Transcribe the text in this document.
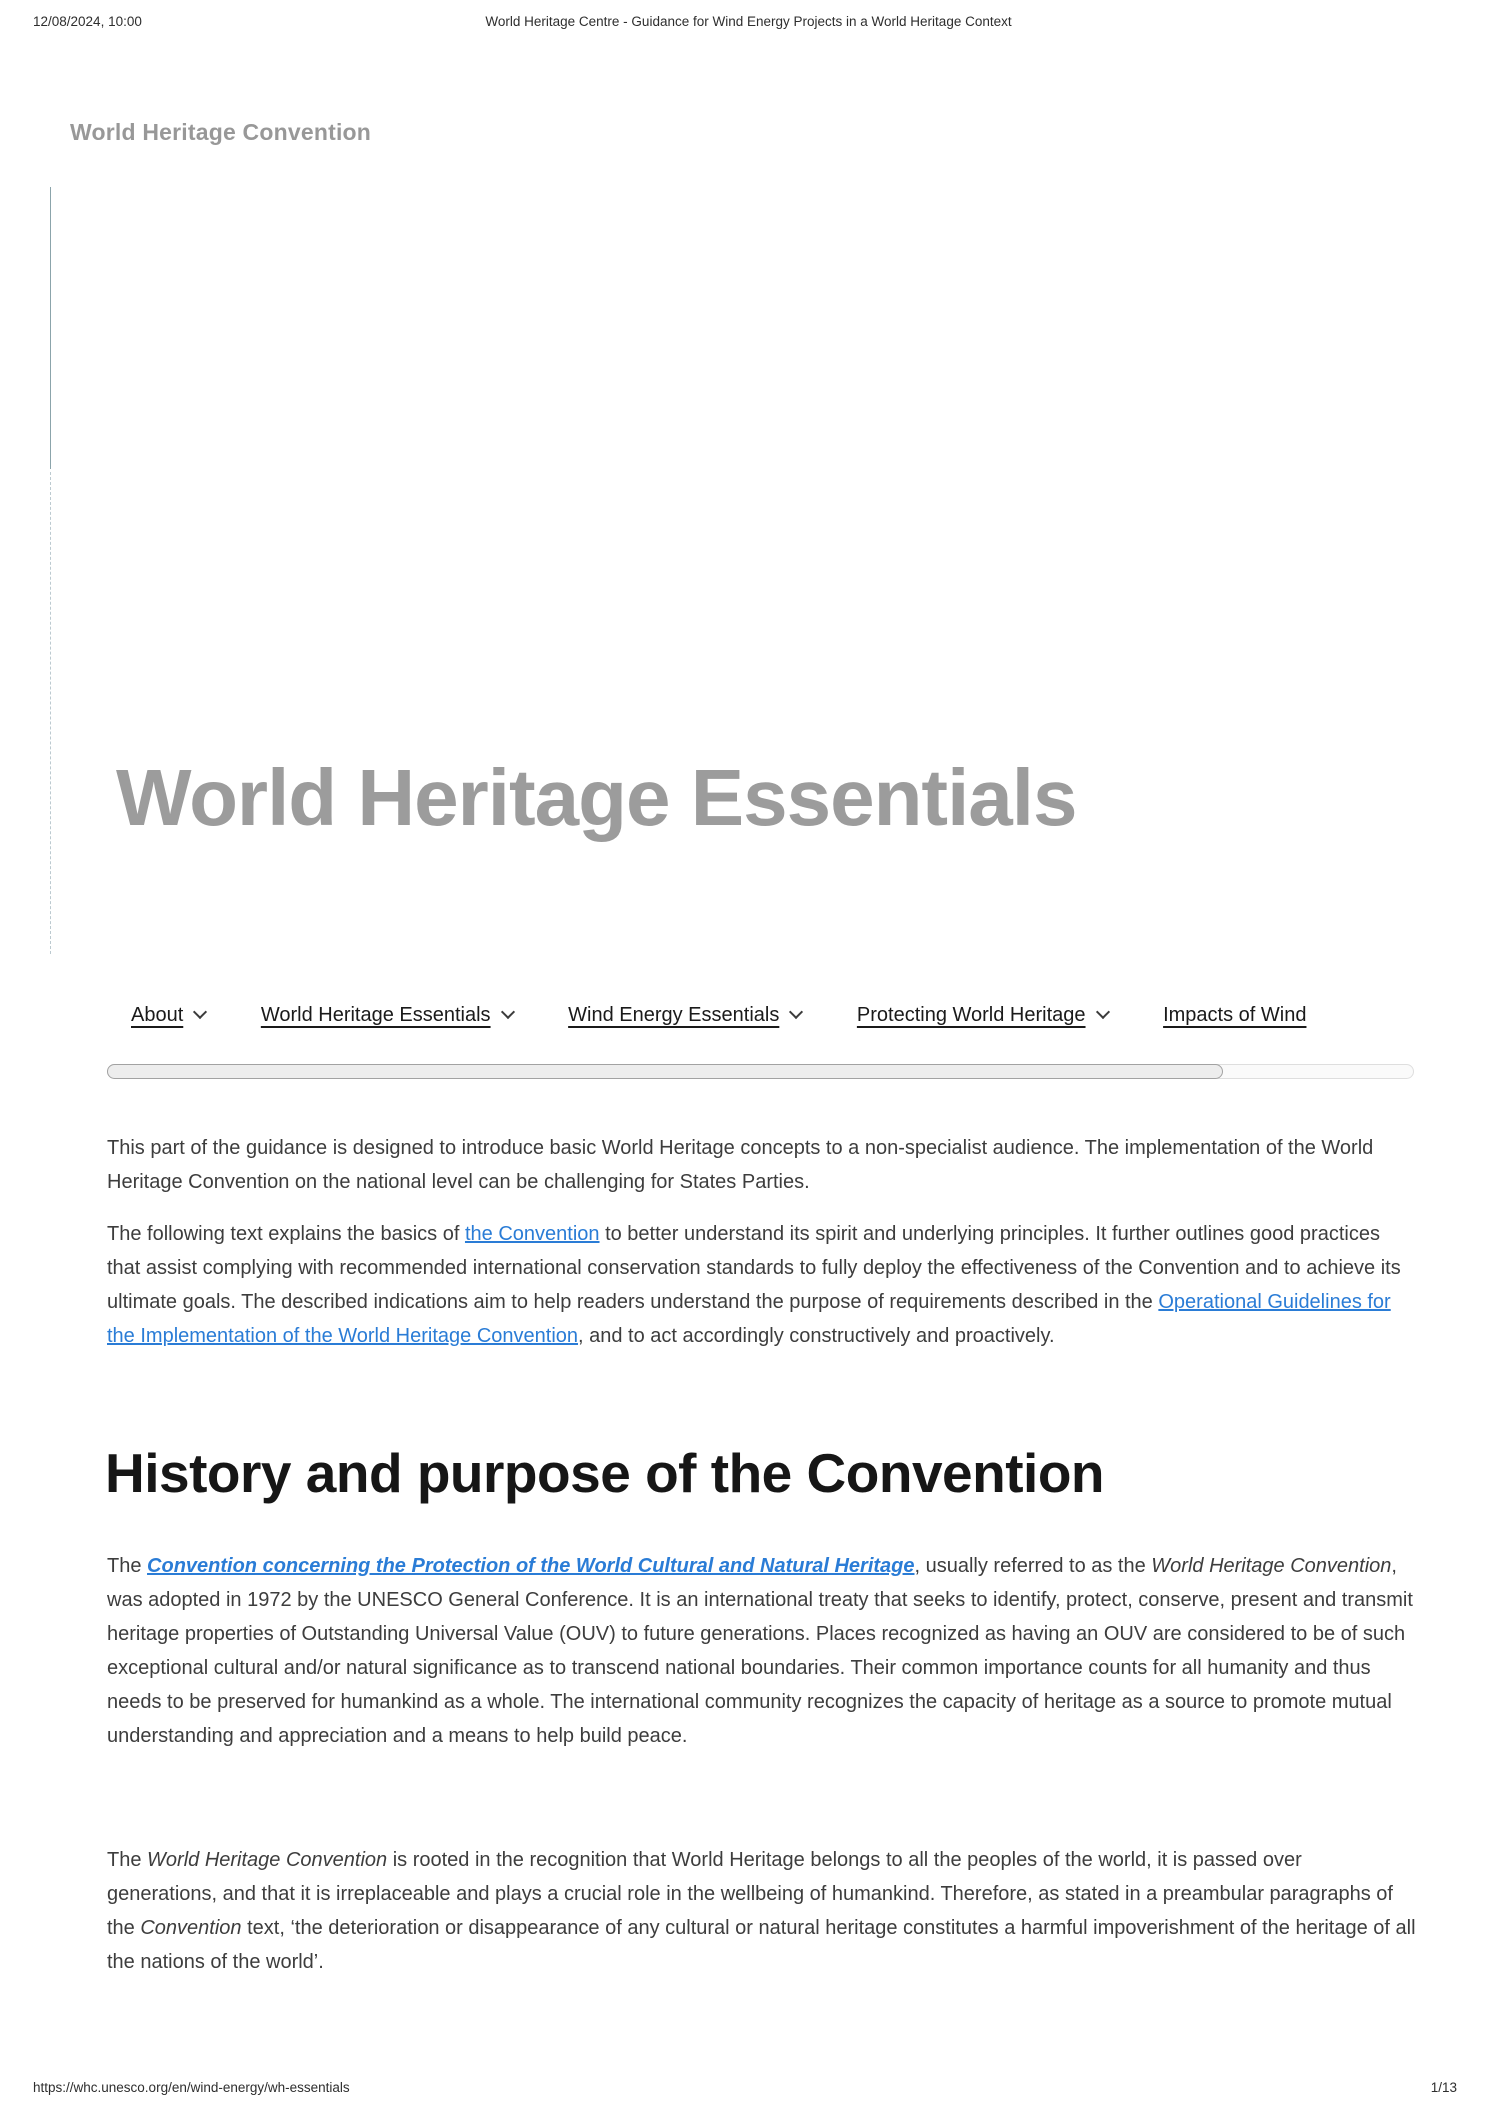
12/08/2024, 10:00	World Heritage Centre - Guidance for Wind Energy Projects in a World Heritage Context
World Heritage Convention
World Heritage Essentials
About	World Heritage Essentials	Wind Energy Essentials	Protecting World Heritage	Impacts of Wind

This part of the guidance is designed to introduce basic World Heritage concepts to a non-specialist audience. The implementation of the World Heritage Convention on the national level can be challenging for States Parties.

The following text explains the basics of the Convention to better understand its spirit and underlying principles. It further outlines good practices that assist complying with recommended international conservation standards to fully deploy the effectiveness of the Convention and to achieve its ultimate goals. The described indications aim to help readers understand the purpose of requirements described in the Operational Guidelines for the Implementation of the World Heritage Convention, and to act accordingly constructively and proactively.

History and purpose of the Convention

The Convention concerning the Protection of the World Cultural and Natural Heritage, usually referred to as the World Heritage Convention, was adopted in 1972 by the UNESCO General Conference. It is an international treaty that seeks to identify, protect, conserve, present and transmit heritage properties of Outstanding Universal Value (OUV) to future generations. Places recognized as having an OUV are considered to be of such exceptional cultural and/or natural significance as to transcend national boundaries. Their common importance counts for all humanity and thus needs to be preserved for humankind as a whole. The international community recognizes the capacity of heritage as a source to promote mutual understanding and appreciation and a means to help build peace.

The World Heritage Convention is rooted in the recognition that World Heritage belongs to all the peoples of the world, it is passed over generations, and that it is irreplaceable and plays a crucial role in the wellbeing of humankind. Therefore, as stated in a preambular paragraphs of the Convention text, ‘the deterioration or disappearance of any cultural or natural heritage constitutes a harmful impoverishment of the heritage of all the nations of the world’.

https://whc.unesco.org/en/wind-energy/wh-essentials	1/13
